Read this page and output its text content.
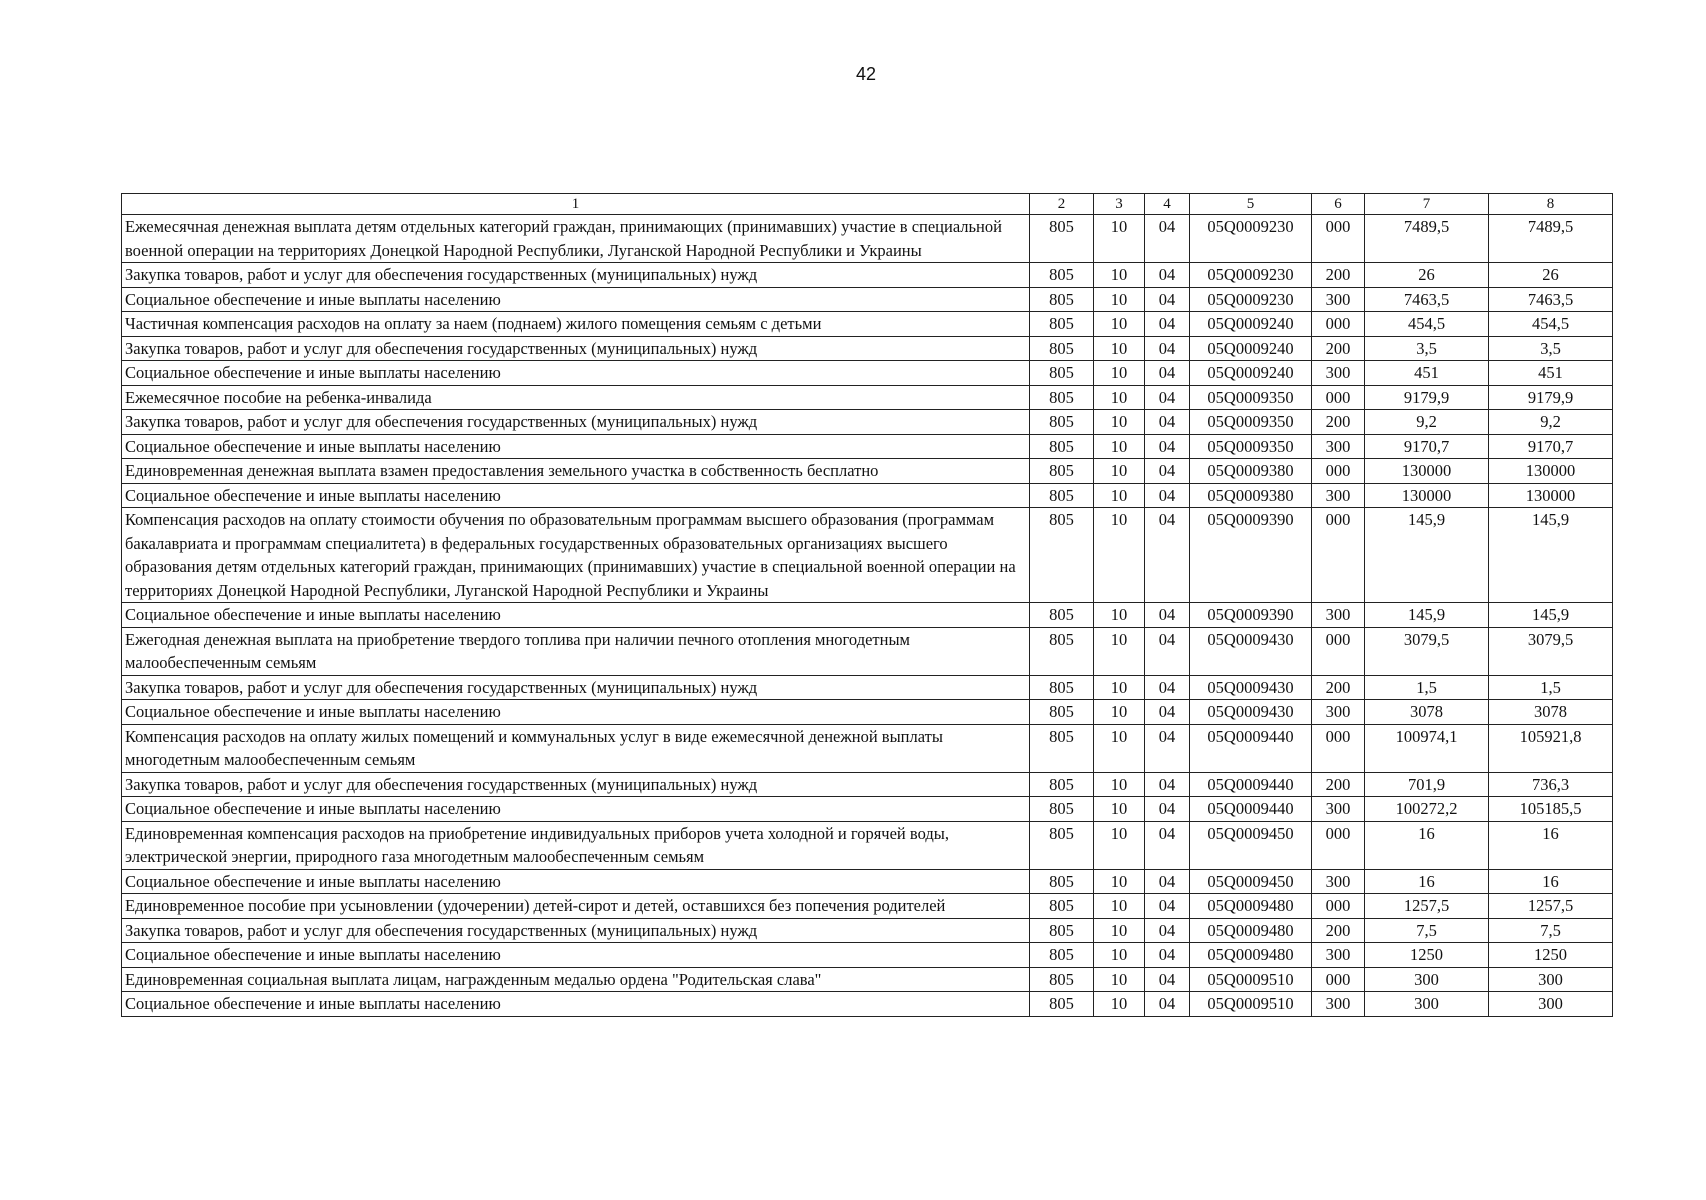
42
1	2	3	4	5	6	7	8
Ежемесячная денежная выплата детям отдельных категорий граждан, принимающих (принимавших) участие в специальной военной операции на территориях Донецкой Народной Республики, Луганской Народной Республики и Украины	805	10	04	05Q0009230	000	7489,5	7489,5
Закупка товаров, работ и услуг для обеспечения государственных (муниципальных) нужд	805	10	04	05Q0009230	200	26	26
Социальное обеспечение и иные выплаты населению	805	10	04	05Q0009230	300	7463,5	7463,5
Частичная компенсация расходов на оплату за наем (поднаем) жилого помещения семьям с детьми	805	10	04	05Q0009240	000	454,5	454,5
Закупка товаров, работ и услуг для обеспечения государственных (муниципальных) нужд	805	10	04	05Q0009240	200	3,5	3,5
Социальное обеспечение и иные выплаты населению	805	10	04	05Q0009240	300	451	451
Ежемесячное пособие на ребенка-инвалида	805	10	04	05Q0009350	000	9179,9	9179,9
Закупка товаров, работ и услуг для обеспечения государственных (муниципальных) нужд	805	10	04	05Q0009350	200	9,2	9,2
Социальное обеспечение и иные выплаты населению	805	10	04	05Q0009350	300	9170,7	9170,7
Единовременная денежная выплата взамен предоставления земельного участка в собственность бесплатно	805	10	04	05Q0009380	000	130000	130000
Социальное обеспечение и иные выплаты населению	805	10	04	05Q0009380	300	130000	130000
Компенсация расходов на оплату стоимости обучения по образовательным программам высшего образования (программам бакалавриата и программам специалитета) в федеральных государственных образовательных организациях высшего образования детям отдельных категорий граждан, принимающих (принимавших) участие в специальной военной операции на территориях Донецкой Народной Республики, Луганской Народной Республики и Украины	805	10	04	05Q0009390	000	145,9	145,9
Социальное обеспечение и иные выплаты населению	805	10	04	05Q0009390	300	145,9	145,9
Ежегодная денежная выплата на приобретение твердого топлива при наличии печного отопления многодетным малообеспеченным семьям	805	10	04	05Q0009430	000	3079,5	3079,5
Закупка товаров, работ и услуг для обеспечения государственных (муниципальных) нужд	805	10	04	05Q0009430	200	1,5	1,5
Социальное обеспечение и иные выплаты населению	805	10	04	05Q0009430	300	3078	3078
Компенсация расходов на оплату жилых помещений и коммунальных услуг в виде ежемесячной денежной выплаты многодетным малообеспеченным семьям	805	10	04	05Q0009440	000	100974,1	105921,8
Закупка товаров, работ и услуг для обеспечения государственных (муниципальных) нужд	805	10	04	05Q0009440	200	701,9	736,3
Социальное обеспечение и иные выплаты населению	805	10	04	05Q0009440	300	100272,2	105185,5
Единовременная компенсация расходов на приобретение индивидуальных приборов учета холодной и горячей воды, электрической энергии, природного газа многодетным малообеспеченным семьям	805	10	04	05Q0009450	000	16	16
Социальное обеспечение и иные выплаты населению	805	10	04	05Q0009450	300	16	16
Единовременное пособие при усыновлении (удочерении) детей-сирот и детей, оставшихся без попечения родителей	805	10	04	05Q0009480	000	1257,5	1257,5
Закупка товаров, работ и услуг для обеспечения государственных (муниципальных) нужд	805	10	04	05Q0009480	200	7,5	7,5
Социальное обеспечение и иные выплаты населению	805	10	04	05Q0009480	300	1250	1250
Единовременная социальная выплата лицам, награжденным медалью ордена "Родительская слава"	805	10	04	05Q0009510	000	300	300
Социальное обеспечение и иные выплаты населению	805	10	04	05Q0009510	300	300	300
